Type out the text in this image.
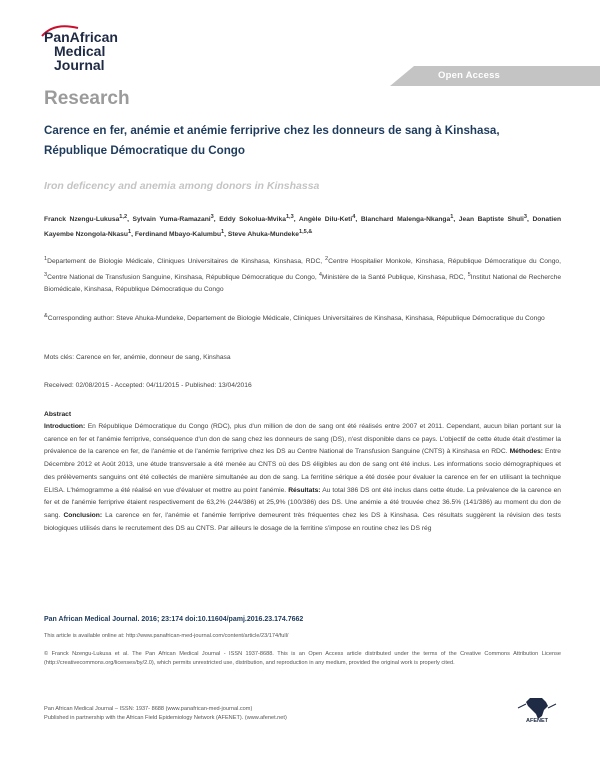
PanAfrican
Medical
Journal
Open Access
Research
Carence en fer, anémie et anémie ferriprive chez les donneurs de sang à Kinshasa, République Démocratique du Congo
Iron deficency and anemia among donors in Kinshassa
Franck Nzengu-Lukusa$^{1,2}$, Sylvain Yuma-Ramazani$^3$, Eddy Sokolua-Mvika$^{1,3}$, Angèle Dilu-Keti$^4$, Blanchard Malenga-Nkanga$^1$, Jean Baptiste Shuli$^3$, Donatien Kayembe Nzongola-Nkasu$^1$, Ferdinand Mbayo-Kalumbu$^1$, Steve Ahuka-Mundeke$^{1,5,\&}$
$^1$Departement de Biologie Médicale, Cliniques Universitaires de Kinshasa, Kinshasa, RDC, $^2$Centre Hospitalier Monkole, Kinshasa, République Démocratique du Congo, $^3$Centre National de Transfusion Sanguine, Kinshasa, République Démocratique du Congo, $^4$Ministère de la Santé Publique, Kinshasa, RDC, $^5$Institut National de Recherche Biomédicale, Kinshasa, République Démocratique du Congo
&Corresponding author: Steve Ahuka-Mundeke, Departement de Biologie Médicale, Cliniques Universitaires de Kinshasa, Kinshasa, République Démocratique du Congo
Mots clés: Carence en fer, anémie, donneur de sang, Kinshasa
Received: 02/08/2015 - Accepted: 04/11/2015 - Published: 13/04/2016
Abstract
Introduction: En République Démocratique du Congo (RDC), plus d'un million de don de sang ont été réalisés entre 2007 et 2011. Cependant, aucun bilan portant sur la carence en fer et l'anémie ferriprive, conséquence d'un don de sang chez les donneurs de sang (DS), n'est disponible dans ce pays. L'objectif de cette étude était d'estimer la prévalence de la carence en fer, de l'anémie et de l'anémie ferriprive chez les DS au Centre National de Transfusion Sanguine (CNTS) à Kinshasa en RDC. Méthodes: Entre Décembre 2012 et Août 2013, une étude transversale a été menée au CNTS où des DS éligibles au don de sang ont été inclus. Les informations socio démographiques et des prélèvements sanguins ont été collectés de manière simultanée au don de sang. La ferritine sérique a été dosée pour évaluer la carence en fer en utilisant la technique ELISA. L'hémogramme a été réalisé en vue d'évaluer et mettre au point l'anémie. Résultats: Au total 386 DS ont été inclus dans cette étude. La prévalence de la carence en fer et de l'anémie ferriprive étaient respectivement de 63,2% (244/386) et 25,9% (100/386) des DS. Une anémie a été trouvée chez 36.5% (141/386) au moment du don de sang. Conclusion: La carence en fer, l'anémie et l'anémie ferriprive demeurent très fréquentes chez les DS à Kinshasa. Ces résultats suggèrent la révision des tests biologiques utilisés dans le recrutement des DS au CNTS. Par ailleurs le dosage de la ferritine s'impose en routine chez les DS rég
Pan African Medical Journal. 2016; 23:174 doi:10.11604/pamj.2016.23.174.7662
This article is available online at: http://www.panafrican-med-journal.com/content/article/23/174/full/
© Franck Nzengu-Lukusa et al. The Pan African Medical Journal - ISSN 1937-8688. This is an Open Access article distributed under the terms of the Creative Commons Attribution License (http://creativecommons.org/licenses/by/2.0), which permits unrestricted use, distribution, and reproduction in any medium, provided the original work is properly cited.
Pan African Medical Journal – ISSN: 1937- 8688 (www.panafrican-med-journal.com)
Published in partnership with the African Field Epidemiology Network (AFENET). (www.afenet.net)	AFENET
